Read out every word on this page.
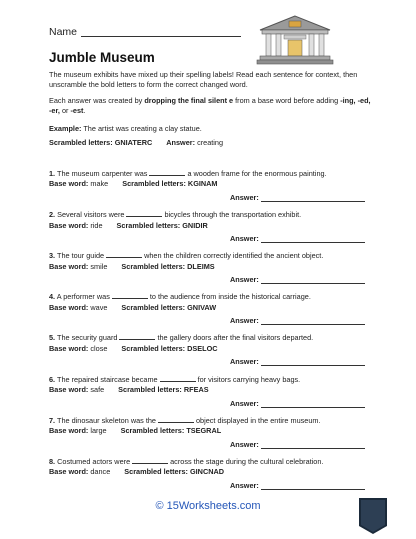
Name
Jumble Museum
The museum exhibits have mixed up their spelling labels! Read each sentence for context, then unscramble the bold letters to form the correct changed word.
Each answer was created by dropping the final silent e from a base word before adding -ing, -ed, -er, or -est.
Example: The artist was creating a clay statue.
Scrambled letters: GNIATERC Answer: creating
1. The museum carpenter was	a wooden frame for the enormous painting.
Base word: make Scrambled letters: KGINAM
Answer:
2. Several visitors were	bicycles through the transportation exhibit.
Base word: ride Scrambled letters: GNIDIR
Answer:
3. The tour guide	when the children correctly identified the ancient object.
Base word: smile Scrambled letters: DLEIMS
Answer:
4. A performer was	to the audience from inside the historical carriage.
Base word: wave Scrambled letters: GNIVAW
Answer:
5. The security guard	the gallery doors after the final visitors departed.
Base word: close Scrambled letters: DSELOC
Answer:
6. The repaired staircase became	for visitors carrying heavy bags.
Base word: safe Scrambled letters: RFEAS
Answer:
7. The dinosaur skeleton was the	object displayed in the entire museum.
Base word: large Scrambled letters: TSEGRAL
Answer:
8. Costumed actors were	across the stage during the cultural celebration.
Base word: dance Scrambled letters: GINCNAD
Answer:
© 15Worksheets.com
